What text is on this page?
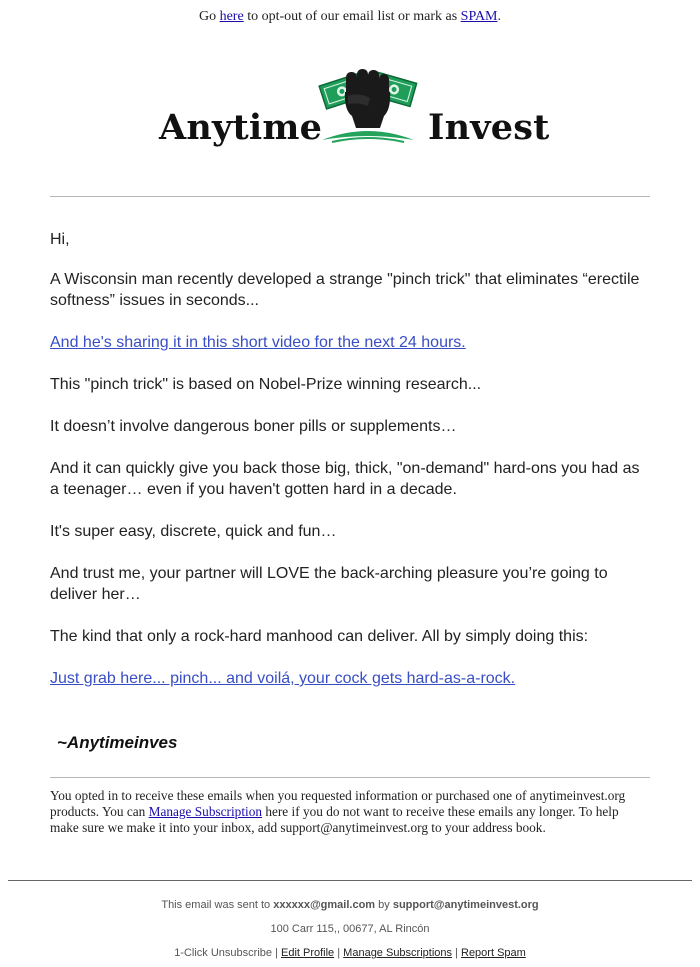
Go here to opt-out of our email list or mark as SPAM.
Anytime	Invest

Hi,

A Wisconsin man recently developed a strange "pinch trick" that eliminates “erectile softness” issues in seconds...

And he's sharing it in this short video for the next 24 hours.

This "pinch trick" is based on Nobel-Prize winning research...

It doesn’t involve dangerous boner pills or supplements…

And it can quickly give you back those big, thick, "on-demand" hard-ons you had as a teenager… even if you haven't gotten hard in a decade.

It's super easy, discrete, quick and fun…

And trust me, your partner will LOVE the back-arching pleasure you’re going to deliver her…

The kind that only a rock-hard manhood can deliver. All by simply doing this:

Just grab here... pinch... and voilá, your cock gets hard-as-a-rock.

~Anytimeinves
You opted in to receive these emails when you requested information or purchased one of anytimeinvest.org products. You can Manage Subscription here if you do not want to receive these emails any longer. To help make sure we make it into your inbox, add support@anytimeinvest.org to your address book.
This email was sent to xxxxxx@gmail.com by support@anytimeinvest.org
100 Carr 115,, 00677, AL Rincón
1-Click Unsubscribe | Edit Profile | Manage Subscriptions | Report Spam
